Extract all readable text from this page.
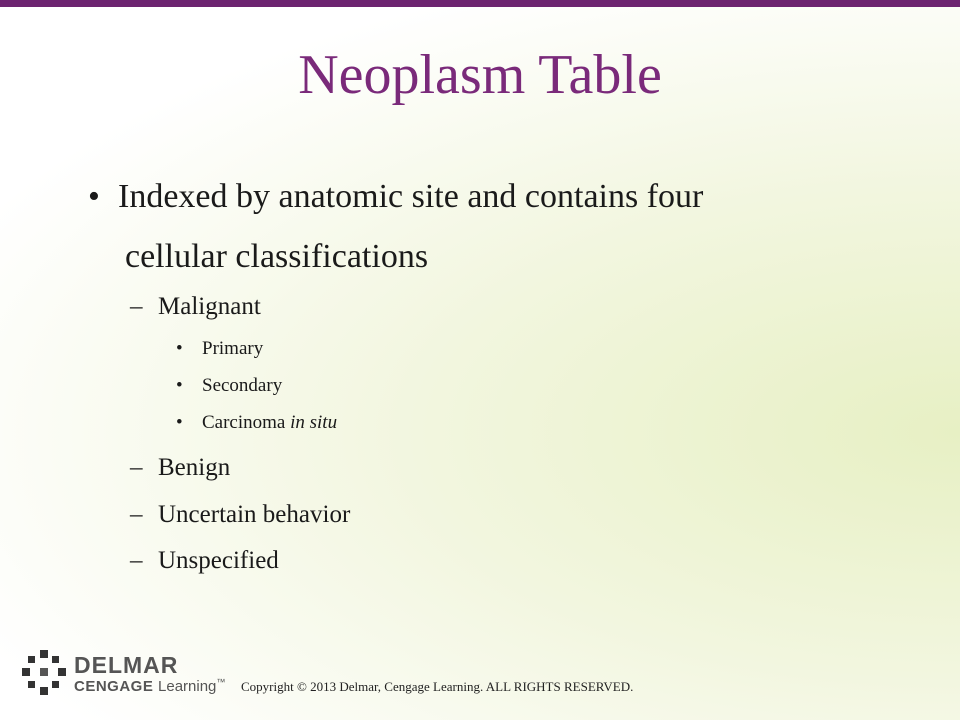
Neoplasm Table
• Indexed by anatomic site and contains four
cellular classifications
– Malignant
• Primary
• Secondary
• Carcinoma in situ
– Benign
– Uncertain behavior
– Unspecified
DELMAR
CENGAGE Learning™ Copyright © 2013 Delmar, Cengage Learning. ALL RIGHTS RESERVED.
